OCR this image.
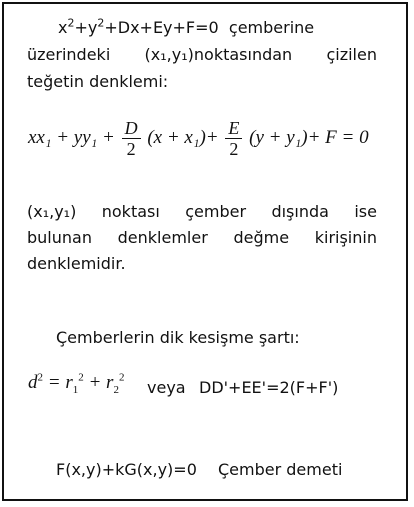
$x^2+y^2+Dx+Ey+F=0$ çemberine
üzerindeki (x₁,y₁)noktasından çizilen
teğetin denklemi:
$xx_1 + yy_1 + \frac{D}{2} (x + x_1)+ \frac{E}{2} (y + y_1)+ F = 0$
(x₁,y₁) noktası çember dışında ise
bulunan denklemler değme kirişinin
denklemidir.
Çemberlerin dik kesişme şartı:
$d^2 = r_1^2 + r_2^2$
veya DD'+EE'=2(F+F')
F(x,y)+kG(x,y)=0 Çember demeti
